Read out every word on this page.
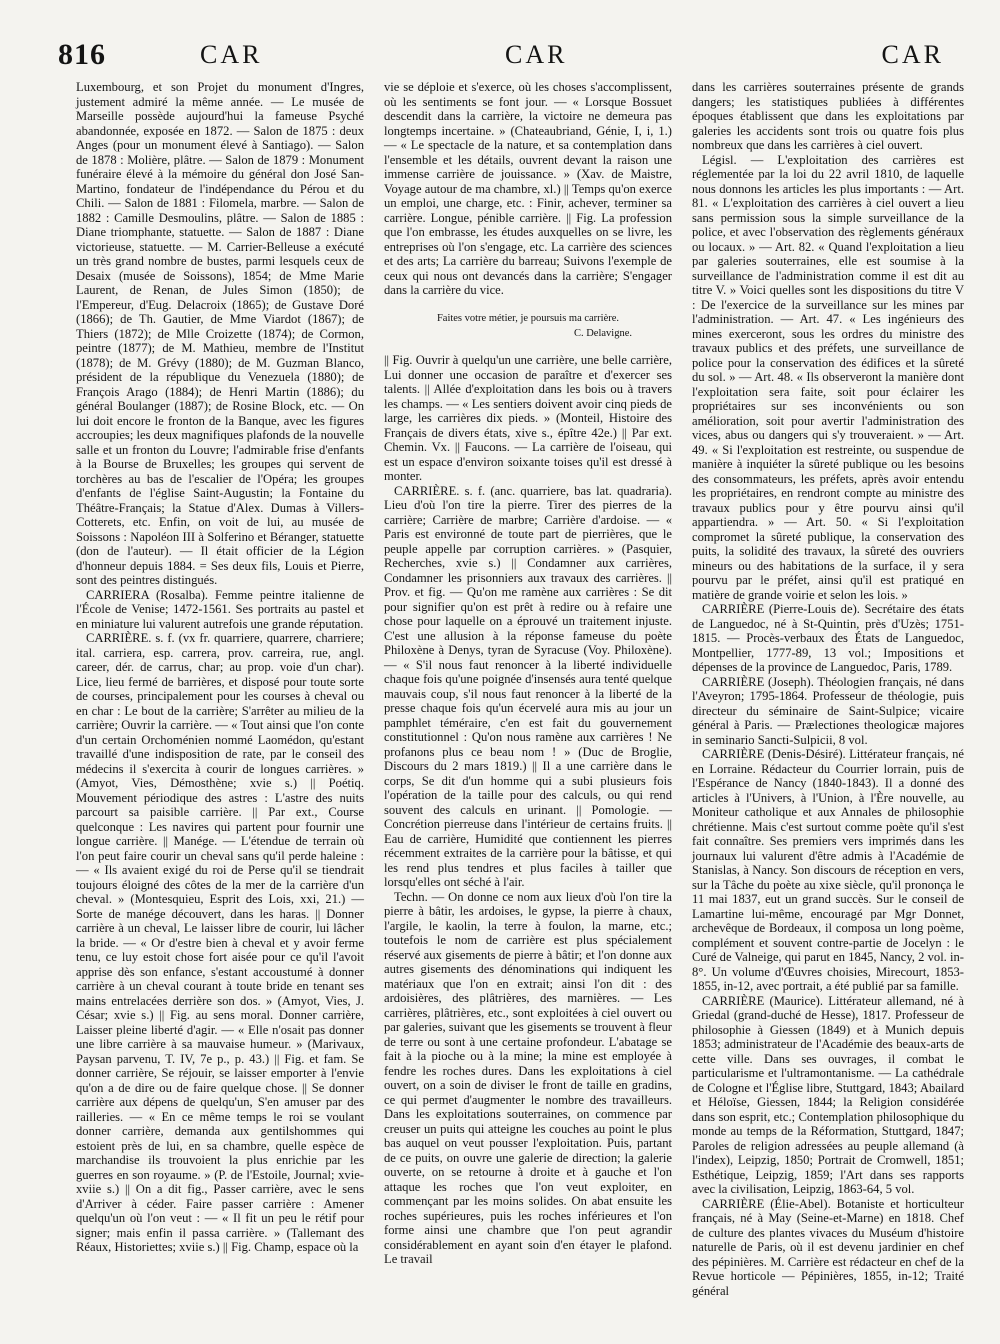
816	CAR	CAR	CAR

Luxembourg, et son Projet du monument d'Ingres, justement admiré la même année. — Le musée de Marseille possède aujourd'hui la fameuse Psyché abandonnée, exposée en 1872. — Salon de 1875 : deux Anges (pour un monument élevé à Santiago). — Salon de 1878 : Molière, plâtre. — Salon de 1879 : Monument funéraire élevé à la mémoire du général don José San-Martino, fondateur de l'indépendance du Pérou et du Chili. — Salon de 1881 : Filomela, marbre. — Salon de 1882 : Camille Desmoulins, plâtre. — Salon de 1885 : Diane triomphante, statuette. — Salon de 1887 : Diane victorieuse, statuette. — M. Carrier-Belleuse a exécuté un très grand nombre de bustes, parmi lesquels ceux de Desaix (musée de Soissons), 1854; de Mme Marie Laurent, de Renan, de Jules Simon (1850); de l'Empereur, d'Eug. Delacroix (1865); de Gustave Doré (1866); de Th. Gautier, de Mme Viardot (1867); de Thiers (1872); de Mlle Croizette (1874); de Cormon, peintre (1877); de M. Mathieu, membre de l'Institut (1878); de M. Grévy (1880); de M. Guzman Blanco, président de la république du Venezuela (1880); de François Arago (1884); de Henri Martin (1886); du général Boulanger (1887); de Rosine Block, etc. — On lui doit encore le fronton de la Banque, avec les figures accroupies; les deux magnifiques plafonds de la nouvelle salle et un fronton du Louvre; l'admirable frise d'enfants à la Bourse de Bruxelles; les groupes qui servent de torchères au bas de l'escalier de l'Opéra; les groupes d'enfants de l'église Saint-Augustin; la Fontaine du Théâtre-Français; la Statue d'Alex. Dumas à Villers-Cotterets, etc. Enfin, on voit de lui, au musée de Soissons : Napoléon III à Solferino et Béranger, statuette (don de l'auteur). — Il était officier de la Légion d'honneur depuis 1884. = Ses deux fils, Louis et Pierre, sont des peintres distingués.

CARRIERA (Rosalba). Femme peintre italienne de l'École de Venise; 1472-1561. Ses portraits au pastel et en miniature lui valurent autrefois une grande réputation.

CARRIÈRE. s. f. (vx fr. quarriere, quarrere, charriere; ital. carriera, esp. carrera, prov. carreira, rue, angl. career, dér. de carrus, char; au prop. voie d'un char). Lice, lieu fermé de barrières, et disposé pour toute sorte de courses, principalement pour les courses à cheval ou en char : Le bout de la carrière; S'arrêter au milieu de la carrière; Ouvrir la carrière. — « Tout ainsi que l'on conte d'un certain Orchoménien nommé Laomédon, qu'estant travaillé d'une indisposition de rate, par le conseil des médecins il s'exercita à courir de longues carrières. » (Amyot, Vies, Démosthène; xvie s.) || Poétiq. Mouvement périodique des astres : L'astre des nuits parcourt sa paisible carrière. || Par ext., Course quelconque : Les navires qui partent pour fournir une longue carrière. || Manége. — L'étendue de terrain où l'on peut faire courir un cheval sans qu'il perde haleine : — « Ils avaient exigé du roi de Perse qu'il se tiendrait toujours éloigné des côtes de la mer de la carrière d'un cheval. » (Montesquieu, Esprit des Lois, xxi, 21.) — Sorte de manége découvert, dans les haras. || Donner carrière à un cheval, Le laisser libre de courir, lui lâcher la bride. — « Or d'estre bien à cheval et y avoir ferme tenu, ce luy estoit chose fort aisée pour ce qu'il l'avoit apprise dès son enfance, s'estant accoustumé à donner carrière à un cheval courant à toute bride en tenant ses mains entrelacées derrière son dos. » (Amyot, Vies, J. César; xvie s.) || Fig. au sens moral. Donner carrière, Laisser pleine liberté d'agir. — « Elle n'osait pas donner une libre carrière à sa mauvaise humeur. » (Marivaux, Paysan parvenu, T. IV, 7e p., p. 43.) || Fig. et fam. Se donner carrière, Se réjouir, se laisser emporter à l'envie qu'on a de dire ou de faire quelque chose. || Se donner carrière aux dépens de quelqu'un, S'en amuser par des railleries. — « En ce même temps le roi se voulant donner carrière, demanda aux gentilshommes qui estoient près de lui, en sa chambre, quelle espèce de marchandise ils trouvoient la plus enrichie par les guerres en son royaume. » (P. de l'Estoile, Journal; xvie-xviie s.) || On a dit fig., Passer carrière, avec le sens d'Arriver à céder. Faire passer carrière : Amener quelqu'un où l'on veut : — « Il fit un peu le rétif pour signer; mais enfin il passa carrière. » (Tallemant des Réaux, Historiettes; xviie s.) || Fig. Champ, espace où la

vie se déploie et s'exerce, où les choses s'accomplissent, où les sentiments se font jour. — « Lorsque Bossuet descendit dans la carrière, la victoire ne demeura pas longtemps incertaine. » (Chateaubriand, Génie, I, i, 1.) — « Le spectacle de la nature, et sa contemplation dans l'ensemble et les détails, ouvrent devant la raison une immense carrière de jouissance. » (Xav. de Maistre, Voyage autour de ma chambre, xl.) || Temps qu'on exerce un emploi, une charge, etc. : Finir, achever, terminer sa carrière. Longue, pénible carrière. || Fig. La profession que l'on embrasse, les études auxquelles on se livre, les entreprises où l'on s'engage, etc. La carrière des sciences et des arts; La carrière du barreau; Suivons l'exemple de ceux qui nous ont devancés dans la carrière; S'engager dans la carrière du vice.

Faites votre métier, je poursuis ma carrière.
C. Delavigne.

|| Fig. Ouvrir à quelqu'un une carrière, une belle carrière, Lui donner une occasion de paraître et d'exercer ses talents. || Allée d'exploitation dans les bois ou à travers les champs. — « Les sentiers doivent avoir cinq pieds de large, les carrières dix pieds. » (Monteil, Histoire des Français de divers états, xive s., épître 42e.) || Par ext. Chemin. Vx. || Faucons. — La carrière de l'oiseau, qui est un espace d'environ soixante toises qu'il est dressé à monter.

CARRIÈRE. s. f. (anc. quarriere, bas lat. quadraria). Lieu d'où l'on tire la pierre. Tirer des pierres de la carrière; Carrière de marbre; Carrière d'ardoise. — « Paris est environné de toute part de pierrières, que le peuple appelle par corruption carrières. » (Pasquier, Recherches, xvie s.) || Condamner aux carrières, Condamner les prisonniers aux travaux des carrières. || Prov. et fig. — Qu'on me ramène aux carrières : Se dit pour signifier qu'on est prêt à redire ou à refaire une chose pour laquelle on a éprouvé un traitement injuste. C'est une allusion à la réponse fameuse du poète Philoxène à Denys, tyran de Syracuse (Voy. Philoxène). — « S'il nous faut renoncer à la liberté individuelle chaque fois qu'une poignée d'insensés aura tenté quelque mauvais coup, s'il nous faut renoncer à la liberté de la presse chaque fois qu'un écervelé aura mis au jour un pamphlet téméraire, c'en est fait du gouvernement constitutionnel : Qu'on nous ramène aux carrières ! Ne profanons plus ce beau nom ! » (Duc de Broglie, Discours du 2 mars 1819.) || Il a une carrière dans le corps, Se dit d'un homme qui a subi plusieurs fois l'opération de la taille pour des calculs, ou qui rend souvent des calculs en urinant. || Pomologie. — Concrétion pierreuse dans l'intérieur de certains fruits. || Eau de carrière, Humidité que contiennent les pierres récemment extraites de la carrière pour la bâtisse, et qui les rend plus tendres et plus faciles à tailler que lorsqu'elles ont séché à l'air.

Techn. — On donne ce nom aux lieux d'où l'on tire la pierre à bâtir, les ardoises, le gypse, la pierre à chaux, l'argile, le kaolin, la terre à foulon, la marne, etc.; toutefois le nom de carrière est plus spécialement réservé aux gisements de pierre à bâtir; et l'on donne aux autres gisements des dénominations qui indiquent les matériaux que l'on en extrait; ainsi l'on dit : des ardoisières, des plâtrières, des marnières. — Les carrières, plâtrières, etc., sont exploitées à ciel ouvert ou par galeries, suivant que les gisements se trouvent à fleur de terre ou sont à une certaine profondeur. L'abatage se fait à la pioche ou à la mine; la mine est employée à fendre les roches dures. Dans les exploitations à ciel ouvert, on a soin de diviser le front de taille en gradins, ce qui permet d'augmenter le nombre des travailleurs. Dans les exploitations souterraines, on commence par creuser un puits qui atteigne les couches au point le plus bas auquel on veut pousser l'exploitation. Puis, partant de ce puits, on ouvre une galerie de direction; la galerie ouverte, on se retourne à droite et à gauche et l'on attaque les roches que l'on veut exploiter, en commençant par les moins solides. On abat ensuite les roches supérieures, puis les roches inférieures et l'on forme ainsi une chambre que l'on peut agrandir considérablement en ayant soin d'en étayer le plafond. Le travail

dans les carrières souterraines présente de grands dangers; les statistiques publiées à différentes époques établissent que dans les exploitations par galeries les accidents sont trois ou quatre fois plus nombreux que dans les carrières à ciel ouvert.

Législ. — L'exploitation des carrières est réglementée par la loi du 22 avril 1810, de laquelle nous donnons les articles les plus importants : — Art. 81. « L'exploitation des carrières à ciel ouvert a lieu sans permission sous la simple surveillance de la police, et avec l'observation des règlements généraux ou locaux. » — Art. 82. « Quand l'exploitation a lieu par galeries souterraines, elle est soumise à la surveillance de l'administration comme il est dit au titre V. » Voici quelles sont les dispositions du titre V : De l'exercice de la surveillance sur les mines par l'administration. — Art. 47. « Les ingénieurs des mines exerceront, sous les ordres du ministre des travaux publics et des préfets, une surveillance de police pour la conservation des édifices et la sûreté du sol. » — Art. 48. « Ils observeront la manière dont l'exploitation sera faite, soit pour éclairer les propriétaires sur ses inconvénients ou son amélioration, soit pour avertir l'administration des vices, abus ou dangers qui s'y trouveraient. » — Art. 49. « Si l'exploitation est restreinte, ou suspendue de manière à inquiéter la sûreté publique ou les besoins des consommateurs, les préfets, après avoir entendu les propriétaires, en rendront compte au ministre des travaux publics pour y être pourvu ainsi qu'il appartiendra. » — Art. 50. « Si l'exploitation compromet la sûreté publique, la conservation des puits, la solidité des travaux, la sûreté des ouvriers mineurs ou des habitations de la surface, il y sera pourvu par le préfet, ainsi qu'il est pratiqué en matière de grande voirie et selon les lois. »

CARRIÈRE (Pierre-Louis de). Secrétaire des états de Languedoc, né à St-Quintin, près d'Uzès; 1751-1815. — Procès-verbaux des États de Languedoc, Montpellier, 1777-89, 13 vol.; Impositions et dépenses de la province de Languedoc, Paris, 1789.

CARRIÈRE (Joseph). Théologien français, né dans l'Aveyron; 1795-1864. Professeur de théologie, puis directeur du séminaire de Saint-Sulpice; vicaire général à Paris. — Prælectiones theologicæ majores in seminario Sancti-Sulpicii, 8 vol.

CARRIÈRE (Denis-Désiré). Littérateur français, né en Lorraine. Rédacteur du Courrier lorrain, puis de l'Espérance de Nancy (1840-1843). Il a donné des articles à l'Univers, à l'Union, à l'Ère nouvelle, au Moniteur catholique et aux Annales de philosophie chrétienne. Mais c'est surtout comme poète qu'il s'est fait connaître. Ses premiers vers imprimés dans les journaux lui valurent d'être admis à l'Académie de Stanislas, à Nancy. Son discours de réception en vers, sur la Tâche du poète au xixe siècle, qu'il prononça le 11 mai 1837, eut un grand succès. Sur le conseil de Lamartine lui-même, encouragé par Mgr Donnet, archevêque de Bordeaux, il composa un long poème, complément et souvent contre-partie de Jocelyn : le Curé de Valneige, qui parut en 1845, Nancy, 2 vol. in-8°. Un volume d'Œuvres choisies, Mirecourt, 1853-1855, in-12, avec portrait, a été publié par sa famille.

CARRIÈRE (Maurice). Littérateur allemand, né à Griedal (grand-duché de Hesse), 1817. Professeur de philosophie à Giessen (1849) et à Munich depuis 1853; administrateur de l'Académie des beaux-arts de cette ville. Dans ses ouvrages, il combat le particularisme et l'ultramontanisme. — La cathédrale de Cologne et l'Église libre, Stuttgard, 1843; Abailard et Héloïse, Giessen, 1844; la Religion considérée dans son esprit, etc.; Contemplation philosophique du monde au temps de la Réformation, Stuttgard, 1847; Paroles de religion adressées au peuple allemand (à l'index), Leipzig, 1850; Portrait de Cromwell, 1851; Esthétique, Leipzig, 1859; l'Art dans ses rapports avec la civilisation, Leipzig, 1863-64, 5 vol.

CARRIÈRE (Élie-Abel). Botaniste et horticulteur français, né à May (Seine-et-Marne) en 1818. Chef de culture des plantes vivaces du Muséum d'histoire naturelle de Paris, où il est devenu jardinier en chef des pépinières. M. Carrière est rédacteur en chef de la Revue horticole — Pépinières, 1855, in-12; Traité général
